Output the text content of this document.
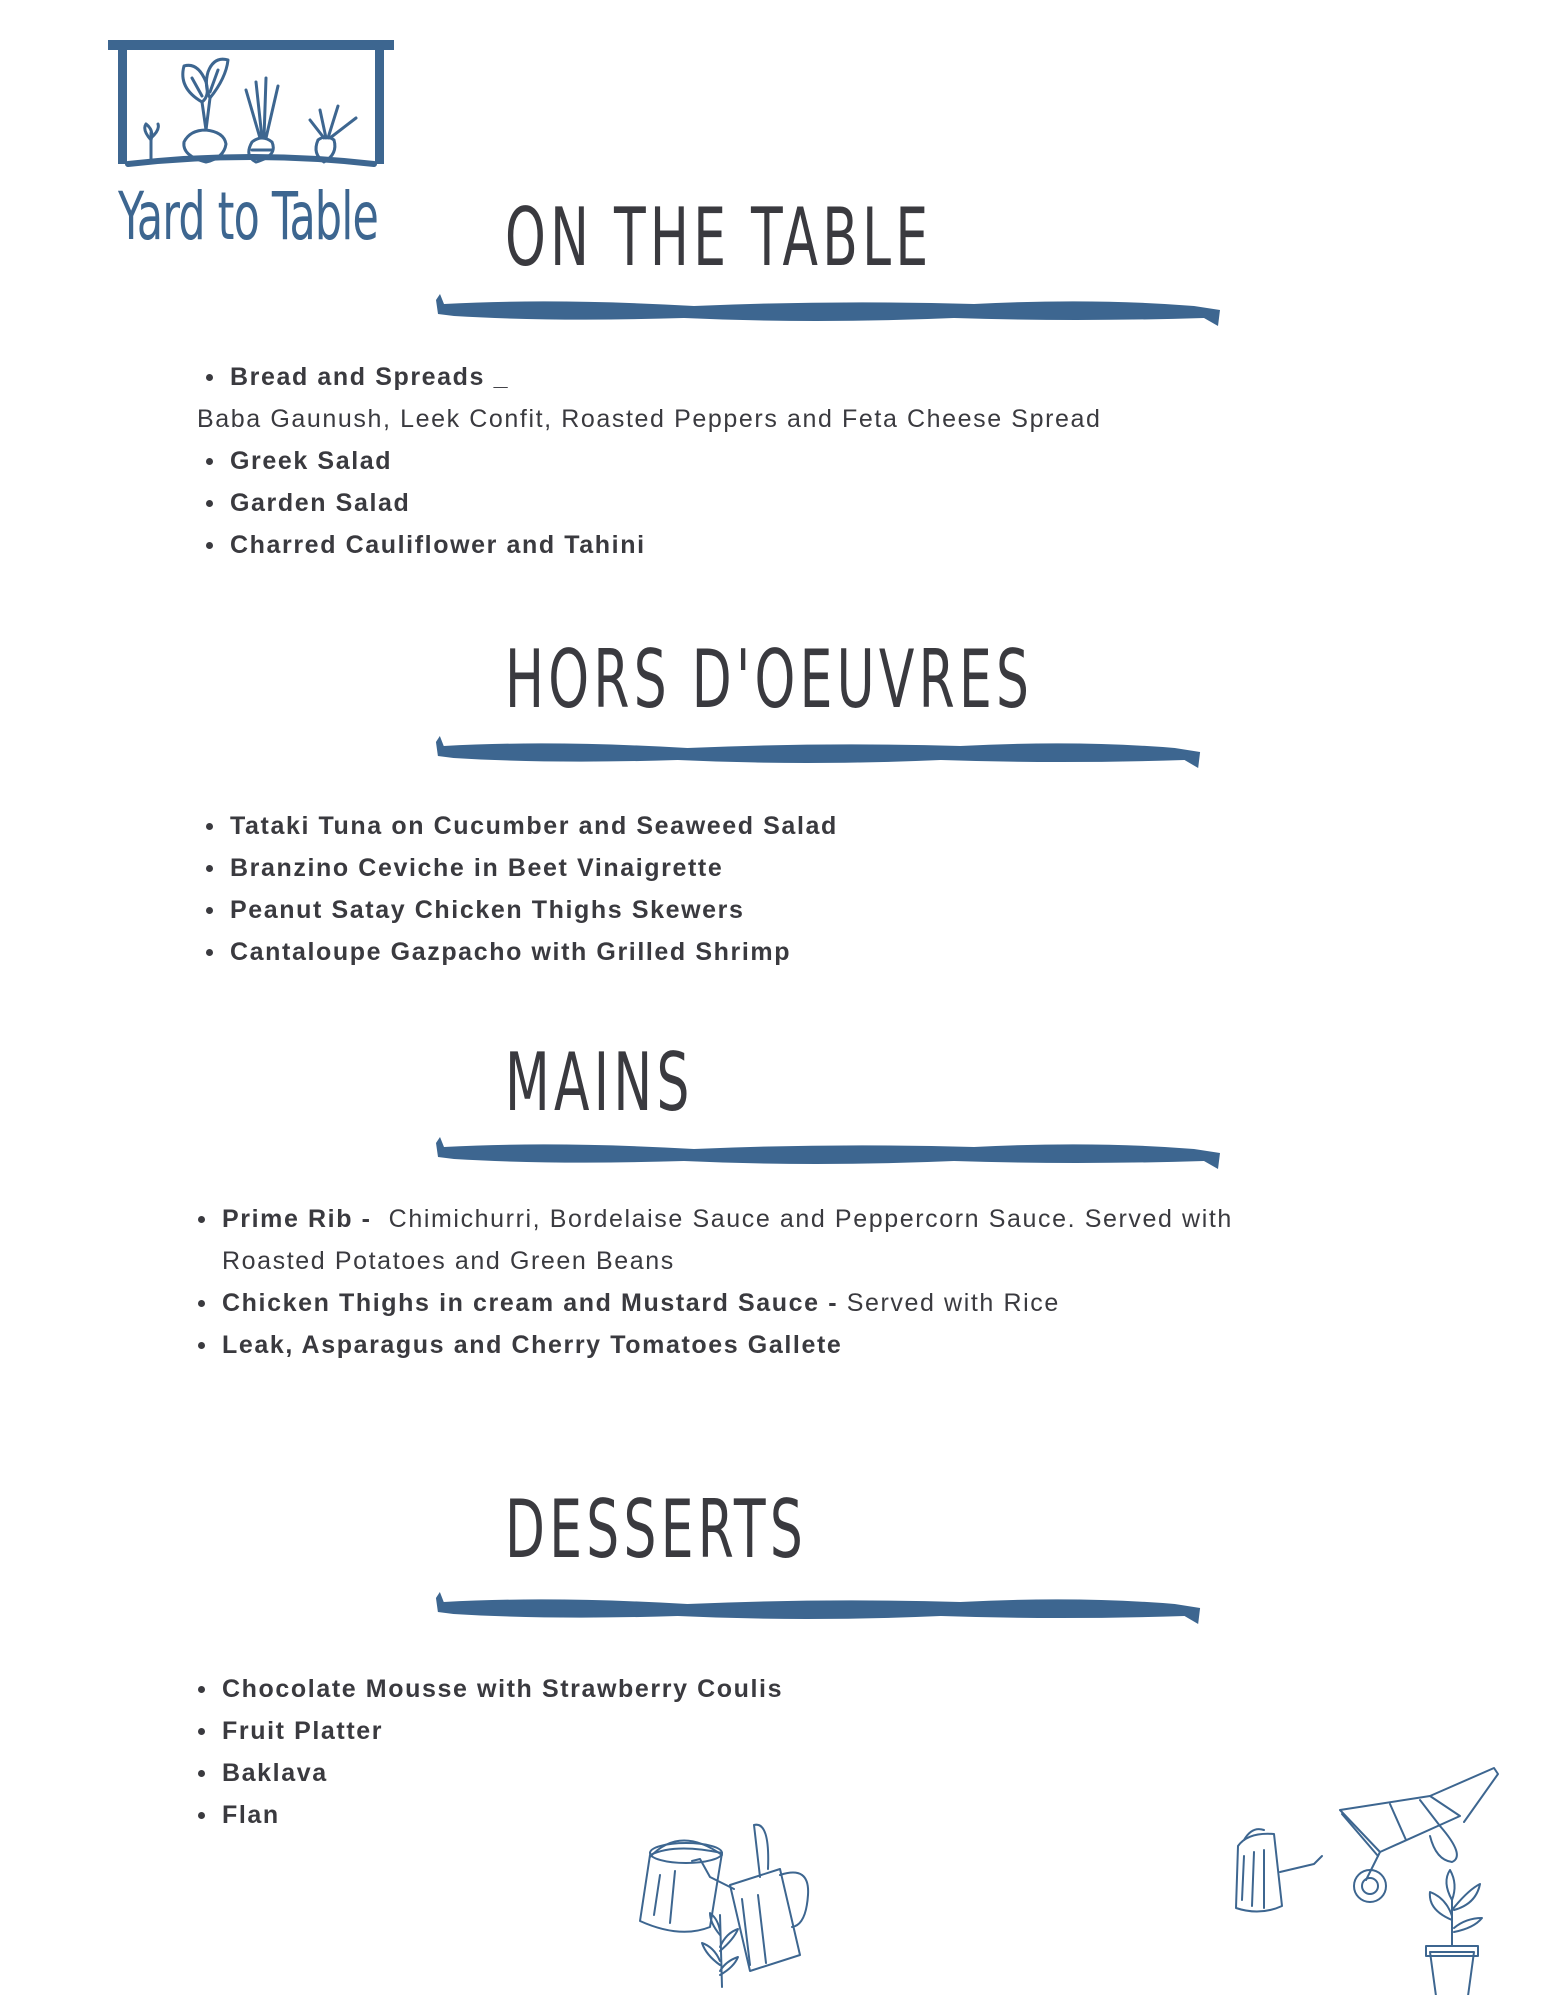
Yard to Table ON THE TABLE
Bread and Spreads _
Baba Gaunush, Leek Confit, Roasted Peppers and Feta Cheese Spread
Greek Salad
Garden Salad
Charred Cauliflower and Tahini
HORS D'OEUVRES
Tataki Tuna on Cucumber and Seaweed Salad
Branzino Ceviche in Beet Vinaigrette
Peanut Satay Chicken Thighs Skewers
Cantaloupe Gazpacho with Grilled Shrimp
MAINS
Prime Rib - Chimichurri, Bordelaise Sauce and Peppercorn Sauce. Served with Roasted Potatoes and Green Beans
Chicken Thighs in cream and Mustard Sauce - Served with Rice
Leak, Asparagus and Cherry Tomatoes Gallete
DESSERTS
Chocolate Mousse with Strawberry Coulis
Fruit Platter
Baklava
Flan
